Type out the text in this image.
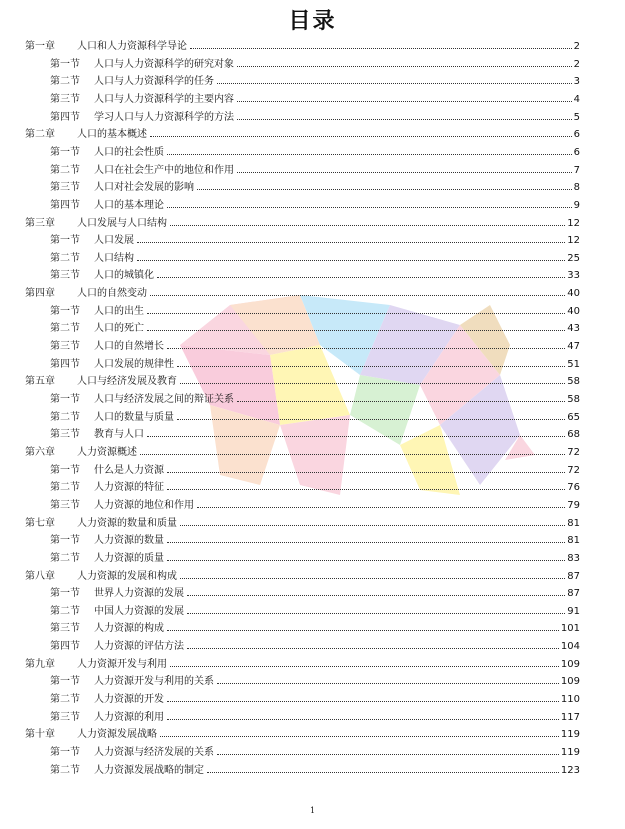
目录
第一章 人口和人力资源科学导论	2
第一节 人口与人力资源科学的研究对象	2
第二节 人口与人力资源科学的任务	3
第三节 人口与人力资源科学的主要内容	4
第四节 学习人口与人力资源科学的方法	5
第二章 人口的基本概述	6
第一节 人口的社会性质	6
第二节 人口在社会生产中的地位和作用	7
第三节 人口对社会发展的影响	8
第四节 人口的基本理论	9
第三章 人口发展与人口结构	12
第一节 人口发展	12
第二节 人口结构	25
第三节 人口的城镇化	33
第四章 人口的自然变动	40
第一节 人口的出生	40
第二节 人口的死亡	43
第三节 人口的自然增长	47
第四节 人口发展的规律性	51
第五章 人口与经济发展及教育	58
第一节 人口与经济发展之间的辩证关系	58
第二节 人口的数量与质量	65
第三节 教育与人口	68
第六章 人力资源概述	72
第一节 什么是人力资源	72
第二节 人力资源的特征	76
第三节 人力资源的地位和作用	79
第七章 人力资源的数量和质量	81
第一节 人力资源的数量	81
第二节 人力资源的质量	83
第八章 人力资源的发展和构成	87
第一节 世界人力资源的发展	87
第二节 中国人力资源的发展	91
第三节 人力资源的构成	101
第四节 人力资源的评估方法	104
第九章 人力资源开发与利用	109
第一节 人力资源开发与利用的关系	109
第二节 人力资源的开发	110
第三节 人力资源的利用	117
第十章 人力资源发展战略	119
第一节 人力资源与经济发展的关系	119
第二节 人力资源发展战略的制定	123
1
